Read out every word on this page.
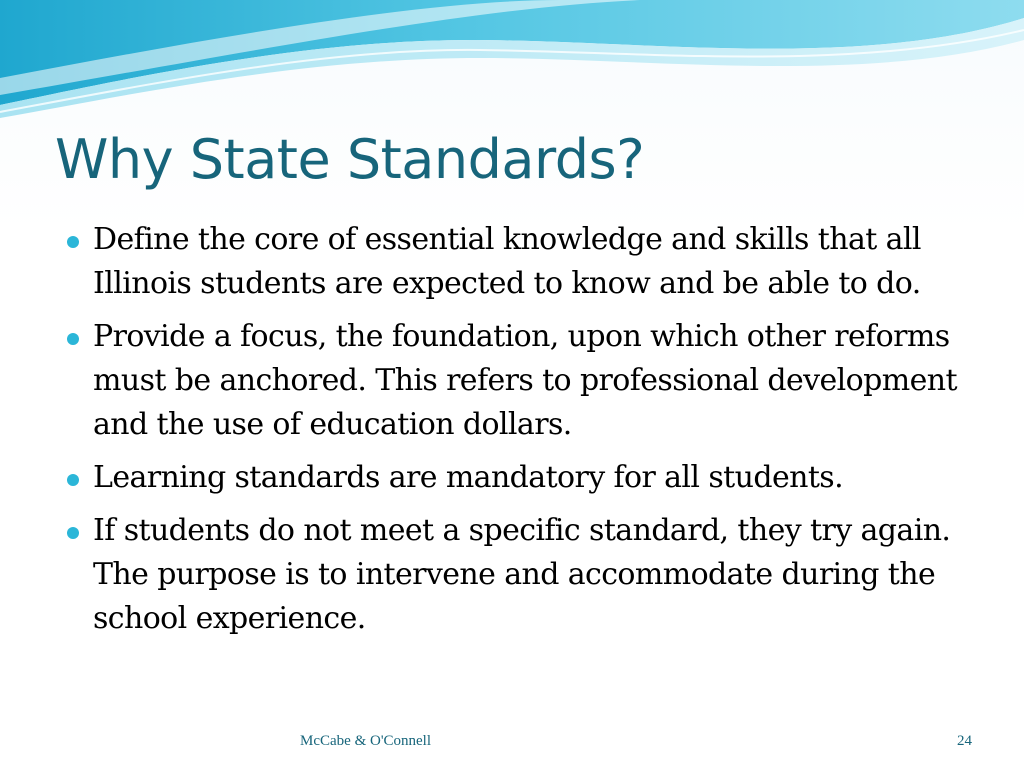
Why State Standards?
Define the core of essential knowledge and skills that all Illinois students are expected to know and be able to do.
Provide a focus, the foundation, upon which other reforms must be anchored. This refers to professional development and the use of education dollars.
Learning standards are mandatory for all students.
If students do not meet a specific standard, they try again. The purpose is to intervene and accommodate during the school experience.
McCabe & O'Connell	24
